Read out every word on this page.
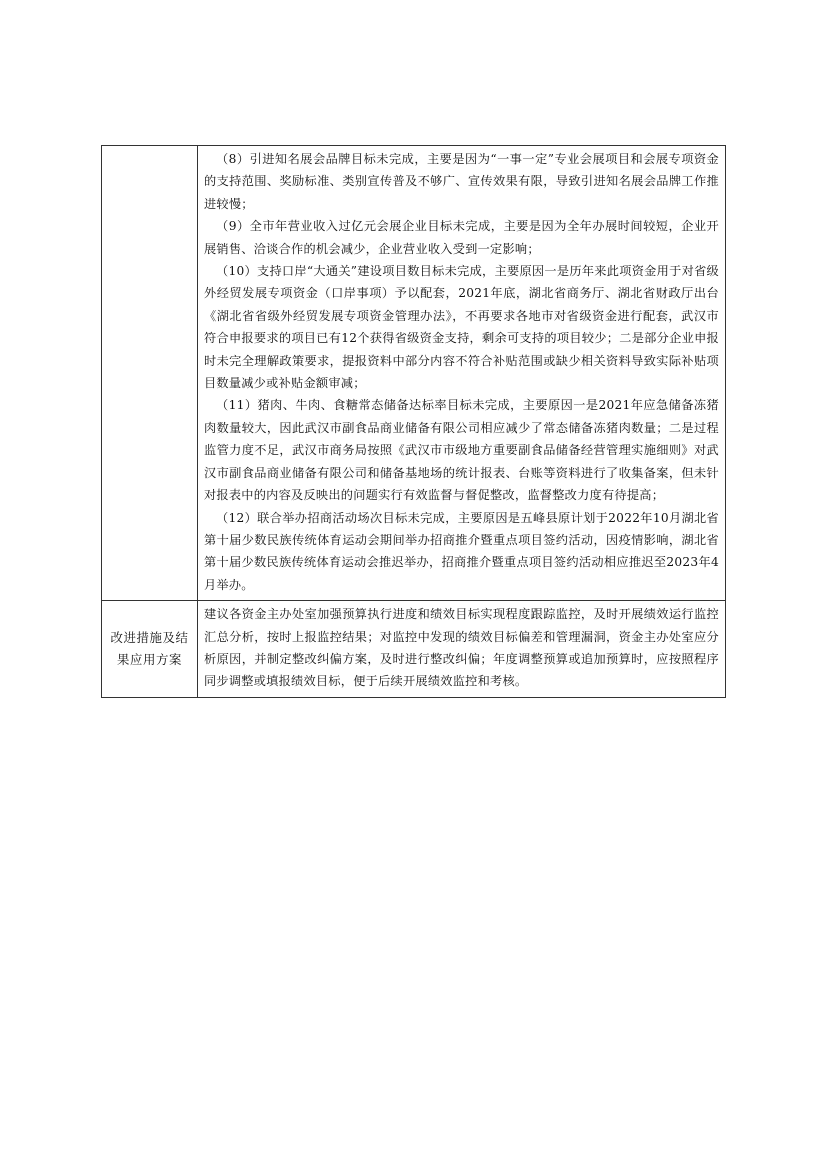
	（8）引进知名展会品牌目标未完成，主要是因为“一事一定”专业会展项目和会展专项资金的支持范围、奖励标准、类别宣传普及不够广、宣传效果有限，导致引进知名展会品牌工作推进较慢；

（9）全市年营业收入过亿元会展企业目标未完成，主要是因为全年办展时间较短，企业开展销售、洽谈合作的机会减少，企业营业收入受到一定影响；

（10）支持口岸“大通关”建设项目数目标未完成，主要原因一是历年来此项资金用于对省级外经贸发展专项资金（口岸事项）予以配套，2021年底，湖北省商务厅、湖北省财政厅出台《湖北省省级外经贸发展专项资金管理办法》，不再要求各地市对省级资金进行配套，武汉市符合申报要求的项目已有12个获得省级资金支持，剩余可支持的项目较少；二是部分企业申报时未完全理解政策要求，提报资料中部分内容不符合补贴范围或缺少相关资料导致实际补贴项目数量减少或补贴金额审减；

（11）猪肉、牛肉、食糖常态储备达标率目标未完成，主要原因一是2021年应急储备冻猪肉数量较大，因此武汉市副食品商业储备有限公司相应减少了常态储备冻猪肉数量；二是过程监管力度不足，武汉市商务局按照《武汉市市级地方重要副食品储备经营管理实施细则》对武汉市副食品商业储备有限公司和储备基地场的统计报表、台账等资料进行了收集备案，但未针对报表中的内容及反映出的问题实行有效监督与督促整改，监督整改力度有待提高；

（12）联合举办招商活动场次目标未完成，主要原因是五峰县原计划于2022年10月湖北省第十届少数民族传统体育运动会期间举办招商推介暨重点项目签约活动，因疫情影响，湖北省第十届少数民族传统体育运动会推迟举办，招商推介暨重点项目签约活动相应推迟至2023年4月举办。

改进措施及结果应用方案	建议各资金主办处室加强预算执行进度和绩效目标实现程度跟踪监控，及时开展绩效运行监控汇总分析，按时上报监控结果；对监控中发现的绩效目标偏差和管理漏洞，资金主办处室应分析原因，并制定整改纠偏方案，及时进行整改纠偏；年度调整预算或追加预算时，应按照程序同步调整或填报绩效目标，便于后续开展绩效监控和考核。
